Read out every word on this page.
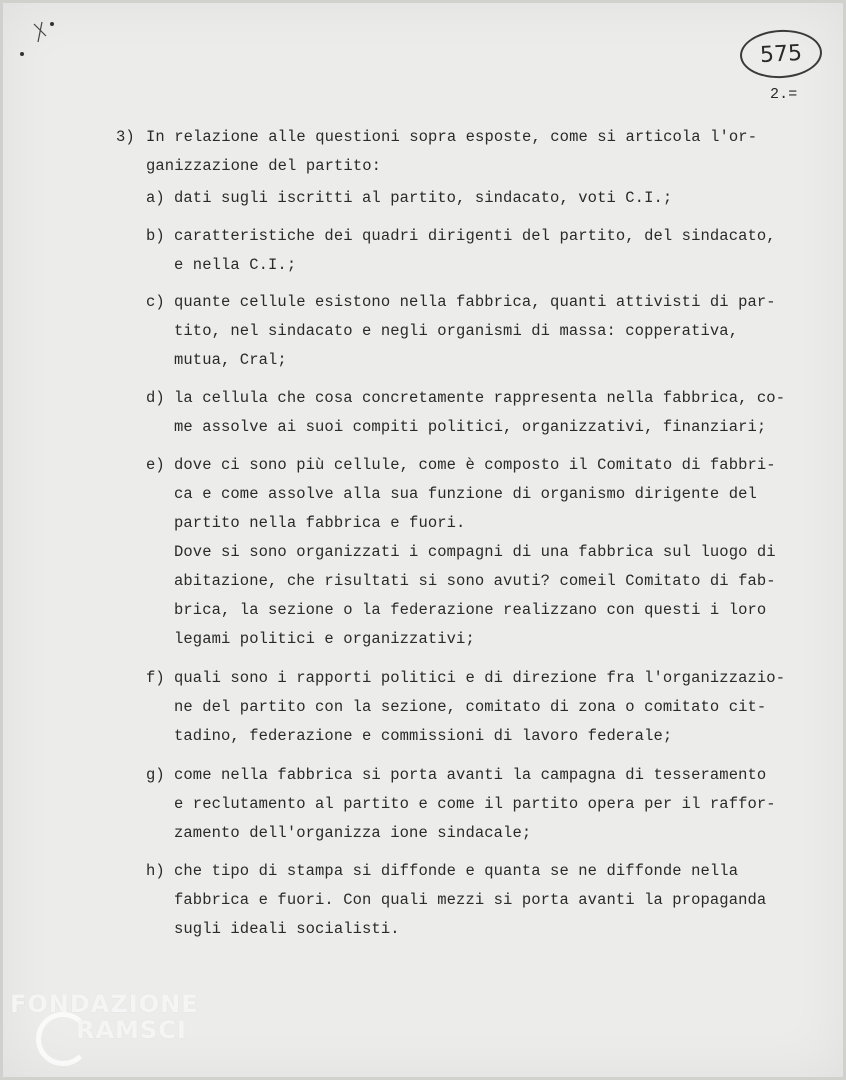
575
2.=
3) In relazione alle questioni sopra esposte, come si articola l'or-
ganizzazione del partito:
a) dati sugli iscritti al partito, sindacato, voti C.I.;
b) caratteristiche dei quadri dirigenti del partito, del sindacato,
e nella C.I.;
c) quante cellule esistono nella fabbrica, quanti attivisti di par-
tito, nel sindacato e negli organismi di massa: copperativa,
mutua, Cral;
d) la cellula che cosa concretamente rappresenta nella fabbrica, co-
me assolve ai suoi compiti politici, organizzativi, finanziari;
e) dove ci sono più cellule, come è composto il Comitato di fabbri-
ca e come assolve alla sua funzione di organismo dirigente del
partito nella fabbrica e fuori.
Dove si sono organizzati i compagni di una fabbrica sul luogo di
abitazione, che risultati si sono avuti? comeil Comitato di fab-
brica, la sezione o la federazione realizzano con questi i loro
legami politici e organizzativi;
f) quali sono i rapporti politici e di direzione fra l'organizzazio-
ne del partito con la sezione, comitato di zona o comitato cit-
tadino, federazione e commissioni di lavoro federale;
g) come nella fabbrica si porta avanti la campagna di tesseramento
e reclutamento al partito e come il partito opera per il raffor-
zamento dell'organizza ione sindacale;
h) che tipo di stampa si diffonde e quanta se ne diffonde nella
fabbrica e fuori. Con quali mezzi si porta avanti la propaganda
sugli ideali socialisti.
FONDAZIONE
RAMSCI
